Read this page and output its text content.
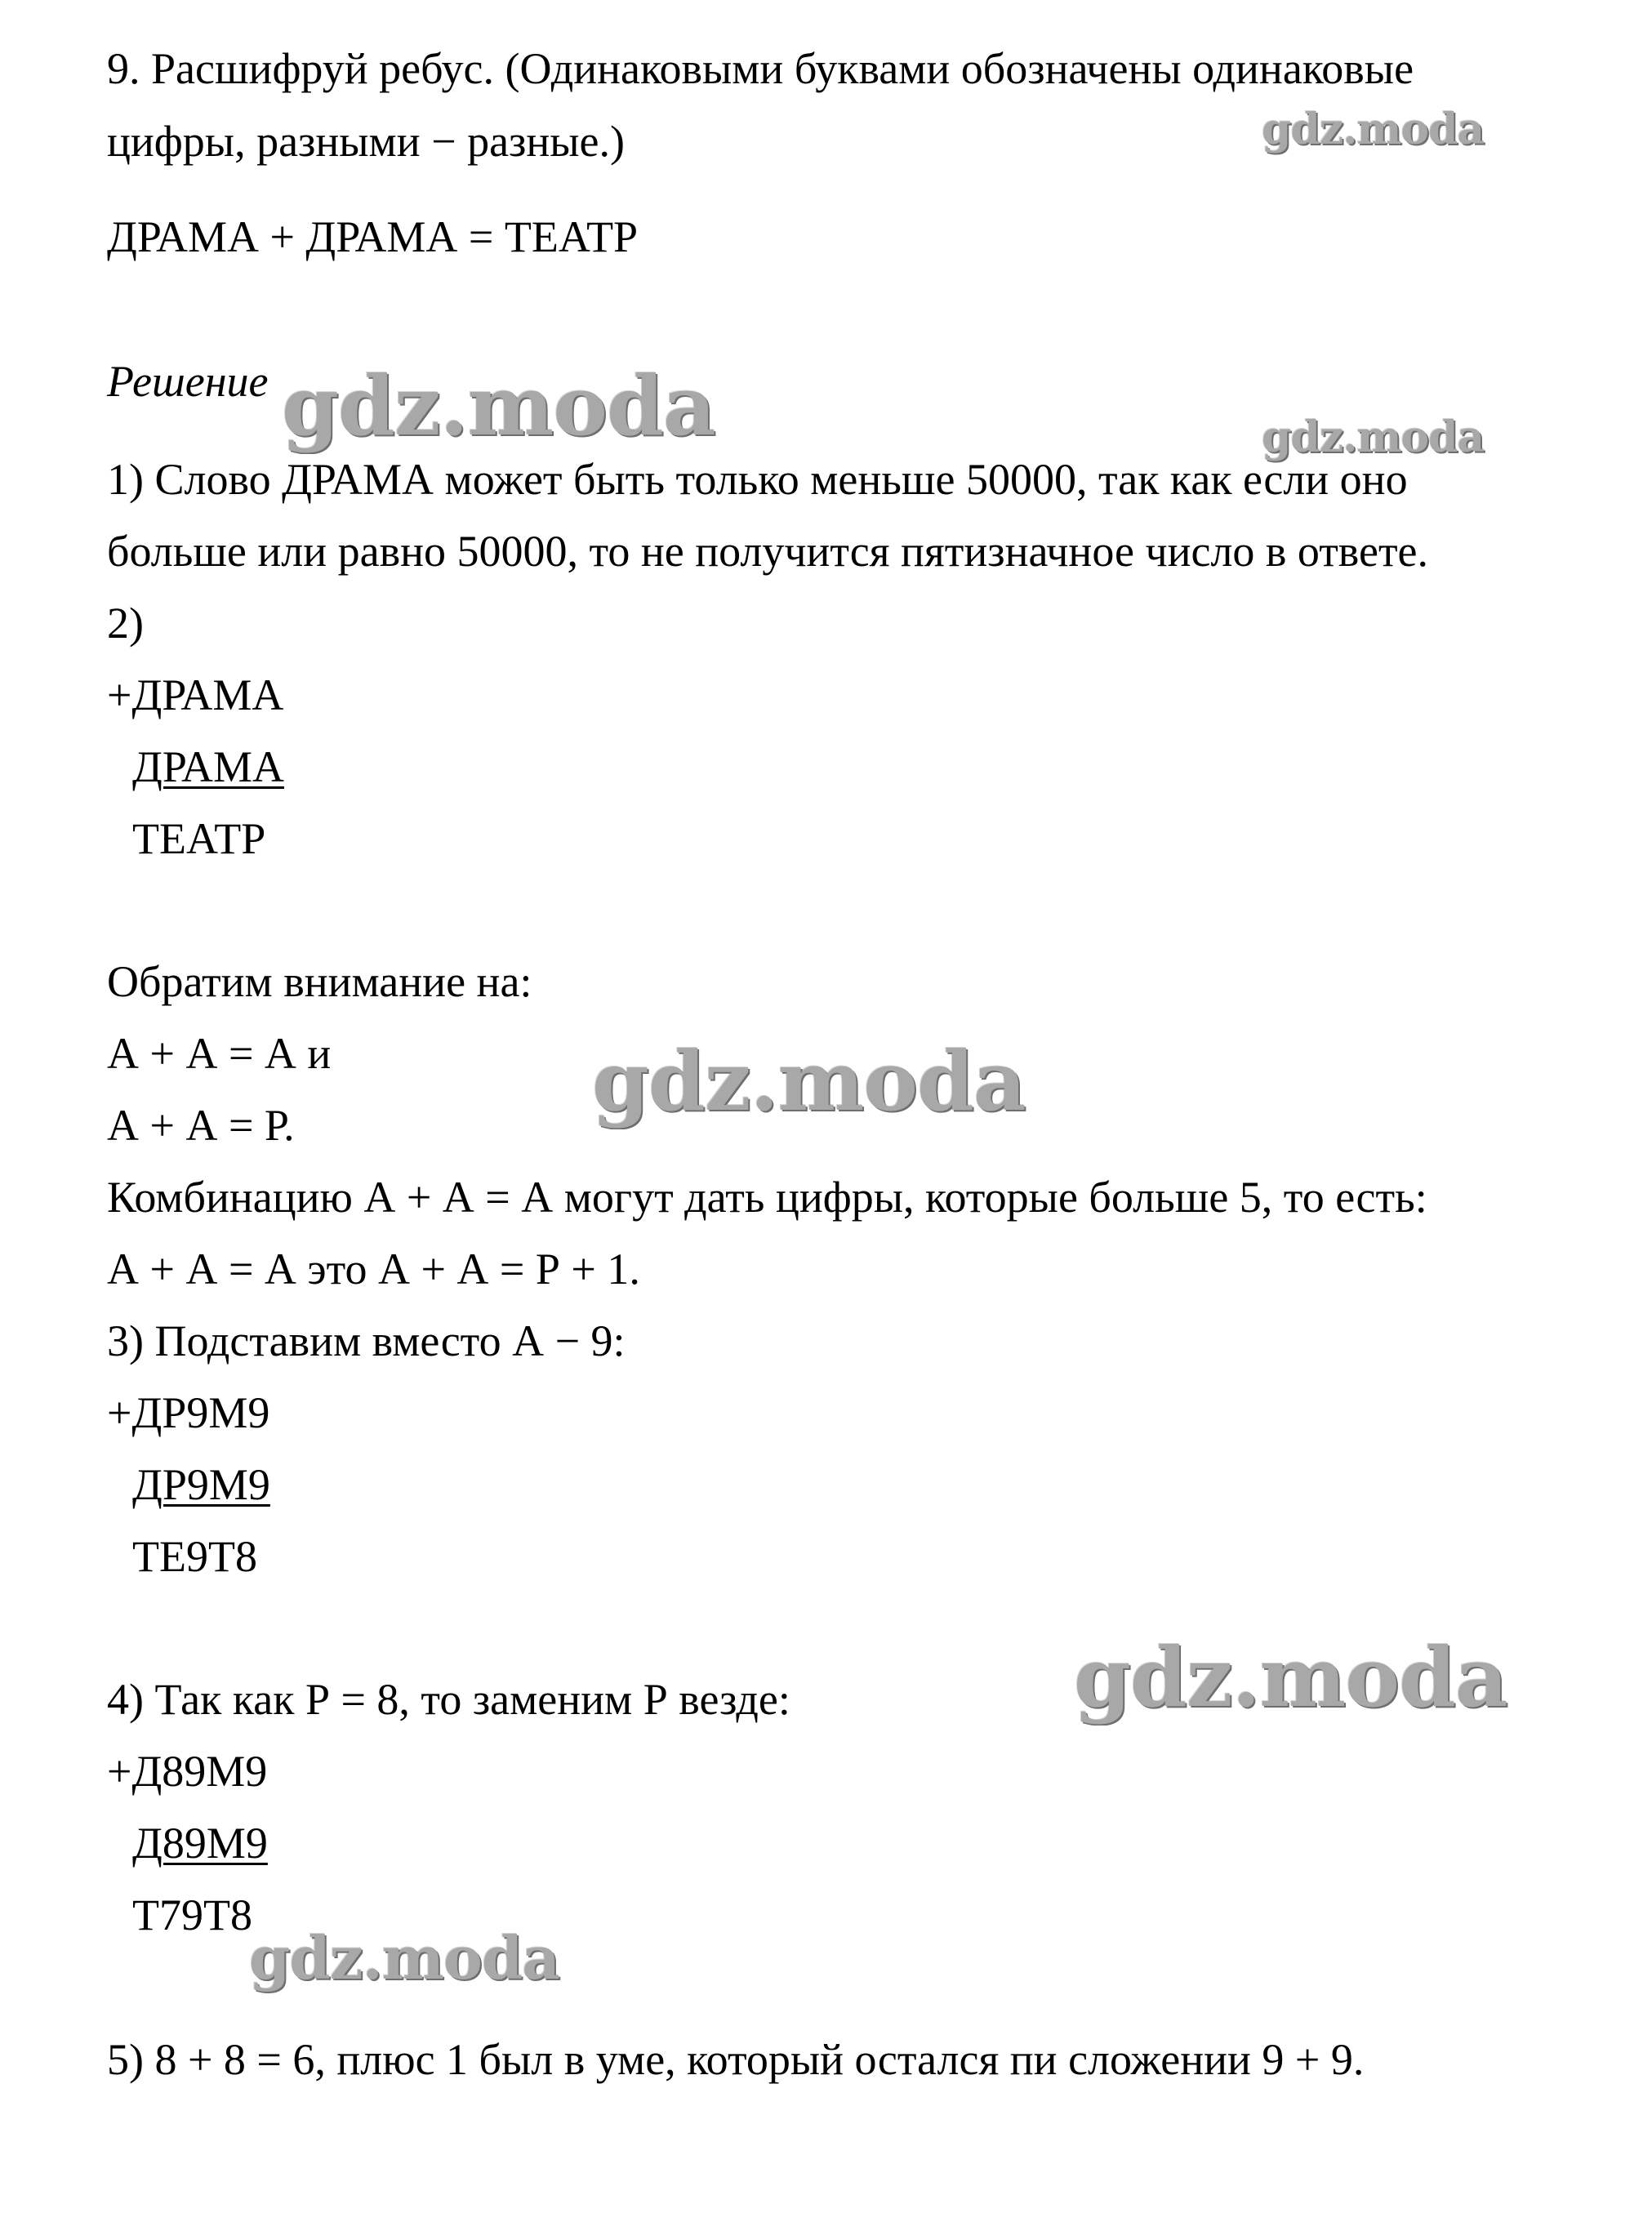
9. Расшифруй ребус. (Одинаковыми буквами обозначены одинаковые
цифры, разными − разные.)
ДРАМА + ДРАМА = ТЕАТР
Решение
1) Слово ДРАМА может быть только меньше 50000, так как если оно
больше или равно 50000, то не получится пятизначное число в ответе.
2)
+ДРАМА
ДРАМА
ТЕАТР
Обратим внимание на:
А + А = А и
А + А = Р.
Комбинацию А + А = А могут дать цифры, которые больше 5, то есть:
А + А = А это А + А = Р + 1.
3) Подставим вместо А − 9:
+ДР9М9
ДР9М9
ТЕ9Т8
4) Так как Р = 8, то заменим Р везде:
+Д89М9
Д89М9
Т79Т8
5) 8 + 8 = 6, плюс 1 был в уме, который остался пи сложении 9 + 9.
gdz.moda
gdz.moda	gdz.moda
gdz.moda
gdz.moda
gdz.moda
